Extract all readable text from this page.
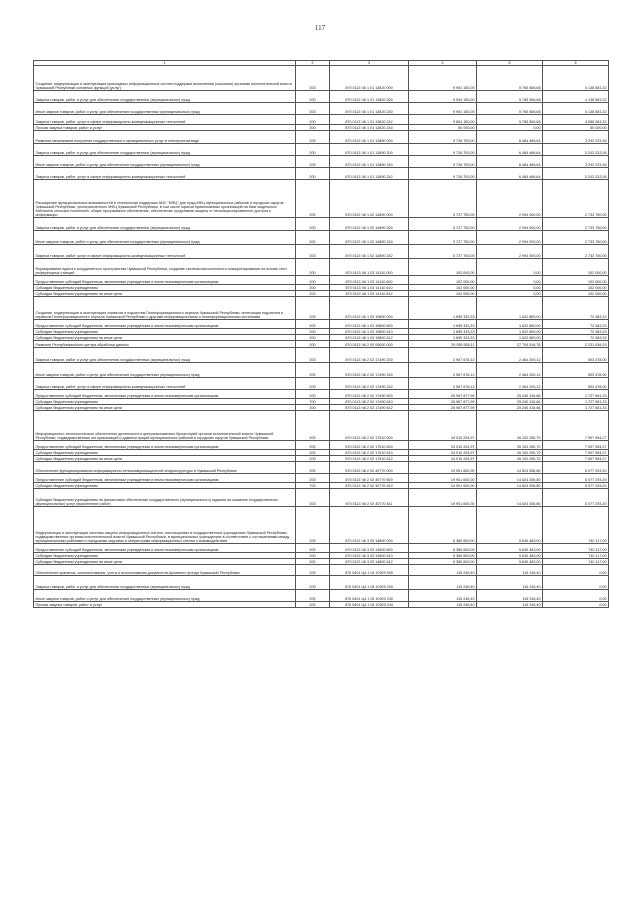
117
1	2	3	4	5	6
Создание, модернизация и эксплуатация прикладных информационных систем поддержки выполнения (оказания) органами исполнительной власти Чувашской Республики основных функций (услуг)	200	870 0113 Ч6 1 01 13820 000	9 904 150,00	5 765 566,68	4 138 583,32
Закупка товаров, работ и услуг для обеспечения государственных (муниципальных) нужд	200	870 0113 Ч6 1 01 13820 200	9 904 150,00	5 765 566,68	4 138 583,32
Иные закупки товаров, работ и услуг для обеспечения государственных (муниципальных) нужд	200	870 0113 Ч6 1 01 13820 240	9 904 150,00	5 765 566,68	4 138 583,32
Закупка товаров, работ, услуг в сфере информационно-коммуникационных технологий	200	870 0113 Ч6 1 01 13820 242	9 854 150,00	5 765 566,68	4 088 583,32
Прочая закупка товаров, работ и услуг	200	870 0113 Ч6 1 01 13820 244	50 000,00	0,00	50 000,00
Развитие механизмов получения государственных и муниципальных услуг в электронном виде	200	870 0113 Ч6 1 01 13890 000	9 726 700,00	6 484 466,64	3 242 233,36
Закупка товаров, работ и услуг для обеспечения государственных (муниципальных) нужд	200	870 0113 Ч6 1 01 13890 200	9 726 700,00	6 484 466,64	3 242 233,36
Иные закупки товаров, работ и услуг для обеспечения государственных (муниципальных) нужд	200	870 0113 Ч6 1 01 13890 240	9 726 700,00	6 484 466,64	3 242 233,36
Закупка товаров, работ, услуг в сфере информационно-коммуникационных технологий	200	870 0113 Ч6 1 01 13890 242	9 726 700,00	6 484 466,64	3 242 233,36
Расширение функциональных возможностей и техническая поддержка АИС "МФЦ" для нужд МФЦ муниципальных районов и городских округов Чувашской Республики, уполномоченного МФЦ Чувашской Республики, в том числе офисов привлекаемых организаций на базе модельных библиотек сельских поселений, общее программное обеспечение, обеспечение средствами защиты от несанкционированного доступа к информации	200	870 0113 Ч6 1 02 14890 000	5 727 750,00	2 994 000,00	2 733 750,00
Закупка товаров, работ и услуг для обеспечения государственных (муниципальных) нужд	200	870 0113 Ч6 1 02 14890 200	5 727 750,00	2 994 000,00	2 733 750,00
Иные закупки товаров, работ и услуг для обеспечения государственных (муниципальных) нужд	200	870 0113 Ч6 1 02 14890 240	5 727 750,00	2 994 000,00	2 733 750,00
Закупка товаров, работ, услуг в сфере информационно-коммуникационных технологий	200	870 0113 Ч6 1 02 14890 242	5 727 750,00	2 994 000,00	2 733 750,00
Формирование единого координатного пространства Чувашской Республики, создание системы высокоточного позиционирования на основе сети референцных станций	200	870 0113 Ч6 1 03 14110 000	102 000,00	0,00	102 000,00
Предоставление субсидий бюджетным, автономным учреждениям и иным некоммерческим организациям	200	870 0113 Ч6 1 03 14110 600	102 000,00	0,00	102 000,00
Субсидии бюджетным учреждениям	200	870 0113 Ч6 1 03 14110 610	102 000,00	0,00	102 000,00
Субсидии бюджетным учреждениям на иные цели	200	870 0113 Ч6 1 03 14110 612	102 000,00	0,00	102 000,00
Создание, модернизация и эксплуатация сервисов и подсистем Геоинформационного портала Чувашской Республики, интеграция подсистем и сервисов Геоинформационного портала Чувашской Республики с другими информационными и геоинформационными системами	200	870 0113 Ч6 1 03 19800 000	1 695 333,33	1 622 850,00	72 483,33
Предоставление субсидий бюджетным, автономным учреждениям и иным некоммерческим организациям	200	870 0113 Ч6 1 03 19800 600	1 695 333,33	1 622 850,00	72 483,33
Субсидии бюджетным учреждениям	200	870 0113 Ч6 1 03 19800 610	1 695 333,33	1 622 850,00	72 483,33
Субсидии бюджетным учреждениям на иные цели	200	870 0113 Ч6 1 03 19800 612	1 695 333,33	1 622 850,00	72 483,33
Развитие Республиканского центра обработки данных	200	870 0113 Ч6 2 00 00000 000	29 935 555,11	27 704 516,78	2 231 038,33
Закупка товаров, работ и услуг для обеспечения государственных (муниципальных) нужд	200	870 0113 Ч6 2 02 17490 200	2 967 678,12	2 464 200,12	503 478,00
Иные закупки товаров, работ и услуг для обеспечения государственных (муниципальных) нужд	200	870 0113 Ч6 2 02 17490 240	2 967 678,12	2 464 200,12	503 478,00
Закупка товаров, работ, услуг в сфере информационно-коммуникационных технологий	200	870 0113 Ч6 2 02 17490 242	2 967 678,12	2 464 200,12	503 478,00
Предоставление субсидий бюджетным, автономным учреждениям и иным некоммерческим организациям	200	870 0113 Ч6 2 02 17490 600	26 967 877,99	25 240 316,66	1 727 561,33
Субсидии бюджетным учреждениям	700	870 0113 Ч6 2 02 17490 610	26 967 877,99	25 240 316,66	1 727 561,33
Субсидии бюджетным учреждениям на иные цели	200	870 0113 Ч6 2 02 17490 612	26 967 877,99	25 240 316,66	1 727 561,33
Информационно-технологическое обеспечение деятельности централизованных бухгалтерий органов исполнительной власти Чувашской Республики, подведомственных им организаций и администраций муниципальных районов и городских округов Чувашской Республики	200	870 0113 Ч6 2 02 17510 000	34 010 204,97	26 102 250,70	7 907 954,27
Предоставление субсидий бюджетным, автономным учреждениям и иным некоммерческим организациям	200	870 0113 Ч6 2 02 17510 600	34 010 204,97	26 102 250,70	7 907 954,27
Субсидии бюджетным учреждениям	200	870 0113 Ч6 2 02 17510 610	34 010 204,97	26 102 250,70	7 907 954,27
Субсидии бюджетным учреждениям на иные цели	200	870 0113 Ч6 2 02 17510 612	34 010 204,97	26 102 250,70	7 907 954,27
Обеспечение функционирования информационно-телекоммуникационной инфраструктуры в Чувашской Республике	200	870 0113 Ч6 2 02 40770 000	19 901 600,00	14 824 306,80	5 077 293,20
Предоставление субсидий бюджетным, автономным учреждениям и иным некоммерческим организациям	200	870 0113 Ч6 2 02 40770 600	19 901 600,00	14 824 306,80	5 077 293,20
Субсидии бюджетным учреждениям	700	870 0113 Ч6 2 02 40770 610	19 901 600,00	14 824 306,80	5 077 293,20
Субсидии бюджетным учреждениям на финансовое обеспечение государственного (муниципального) задания на оказание государственных (муниципальных) услуг (выполнение работ)	200	870 0113 Ч6 2 02 40770 611	19 901 600,00	14 824 306,80	5 077 293,20
Модернизация и эксплуатация системы защиты информационных систем, используемых в государственных учреждениях Чувашской Республики, подведомственных органам исполнительной власти Чувашской Республики, в муниципальных учреждениях в соответствии с соглашениями между муниципальными районами и городскими округами и операторами информационных систем о взаимодействии	200	870 0113 Ч6 3 03 14800 000	6 380 600,00	5 640 483,00	740 117,00
Предоставление субсидий бюджетным, автономным учреждениям и иным некоммерческим организациям	200	870 0113 Ч6 3 03 14800 600	6 380 600,00	5 640 483,00	740 117,00
Субсидии бюджетным учреждениям	200	870 0113 Ч6 3 03 14800 610	6 380 600,00	5 640 483,00	740 117,00
Субсидии бюджетным учреждениям на иные цели	200	870 0113 Ч6 3 03 14800 612	6 380 600,00	5 640 483,00	740 117,00
Обеспечение хранения, комплектования, учета и использования документов Архивного фонда Чувашской Республики	200	870 0401 Ц4 1 04 10920 000	115 246,40	115 246,40	0,00
Закупка товаров, работ и услуг для обеспечения государственных (муниципальных) нужд	200	870 0401 Ц4 1 04 10920 200	115 246,40	115 246,40	0,00
Иные закупки товаров, работ и услуг для обеспечения государственных (муниципальных) нужд	200	870 0401 Ц4 1 04 10920 240	115 246,40	115 246,40	0,00
Прочая закупка товаров, работ и услуг	200	870 0401 Ц4 1 04 10920 244	115 246,40	115 246,40	0,00
